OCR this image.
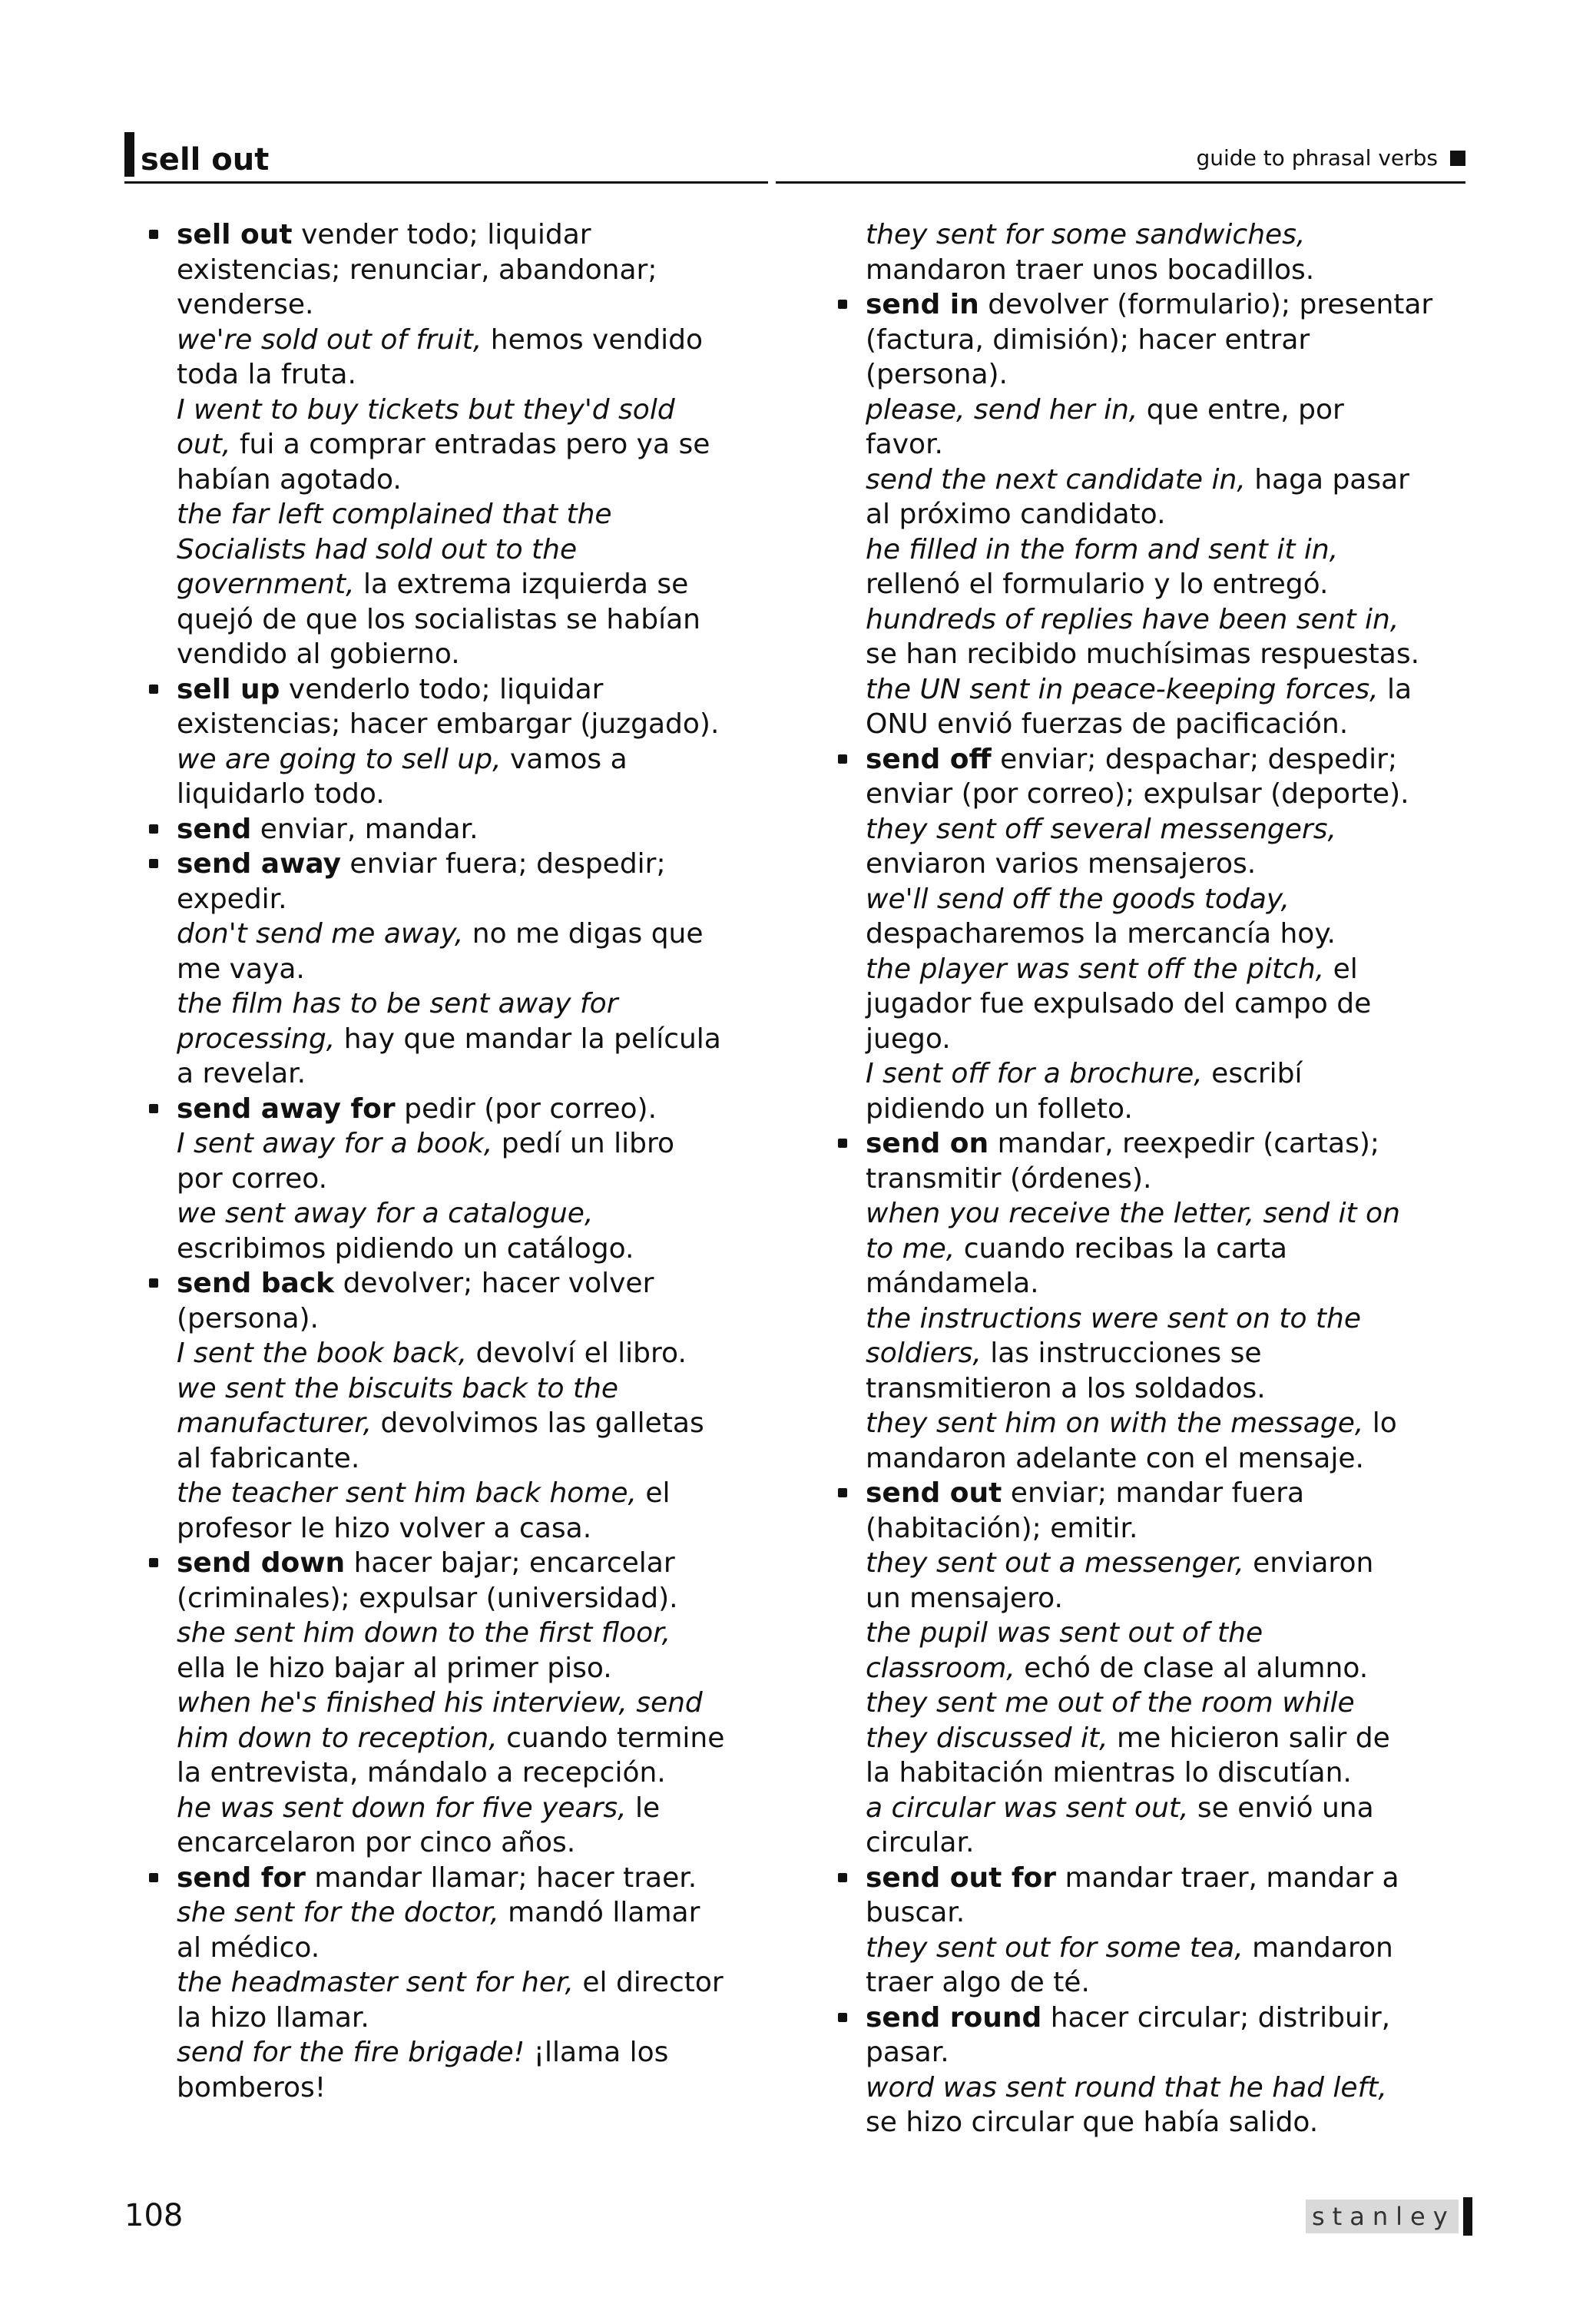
sell out	guide to phrasal verbs
sell out vender todo; liquidar
existencias; renunciar, abandonar;
venderse.
we're sold out of fruit, hemos vendido
toda la fruta.
I went to buy tickets but they'd sold
out, fui a comprar entradas pero ya se
habían agotado.
the far left complained that the
Socialists had sold out to the
government, la extrema izquierda se
quejó de que los socialistas se habían
vendido al gobierno.
sell up venderlo todo; liquidar
existencias; hacer embargar (juzgado).
we are going to sell up, vamos a
liquidarlo todo.
send enviar, mandar.
send away enviar fuera; despedir;
expedir.
don't send me away, no me digas que
me vaya.
the film has to be sent away for
processing, hay que mandar la película
a revelar.
send away for pedir (por correo).
I sent away for a book, pedí un libro
por correo.
we sent away for a catalogue,
escribimos pidiendo un catálogo.
send back devolver; hacer volver
(persona).
I sent the book back, devolví el libro.
we sent the biscuits back to the
manufacturer, devolvimos las galletas
al fabricante.
the teacher sent him back home, el
profesor le hizo volver a casa.
send down hacer bajar; encarcelar
(criminales); expulsar (universidad).
she sent him down to the first floor,
ella le hizo bajar al primer piso.
when he's finished his interview, send
him down to reception, cuando termine
la entrevista, mándalo a recepción.
he was sent down for five years, le
encarcelaron por cinco años.
send for mandar llamar; hacer traer.
she sent for the doctor, mandó llamar
al médico.
the headmaster sent for her, el director
la hizo llamar.
send for the fire brigade! ¡llama los
bomberos!
they sent for some sandwiches,
mandaron traer unos bocadillos.
send in devolver (formulario); presentar
(factura, dimisión); hacer entrar
(persona).
please, send her in, que entre, por
favor.
send the next candidate in, haga pasar
al próximo candidato.
he filled in the form and sent it in,
rellenó el formulario y lo entregó.
hundreds of replies have been sent in,
se han recibido muchísimas respuestas.
the UN sent in peace-keeping forces, la
ONU envió fuerzas de pacificación.
send off enviar; despachar; despedir;
enviar (por correo); expulsar (deporte).
they sent off several messengers,
enviaron varios mensajeros.
we'll send off the goods today,
despacharemos la mercancía hoy.
the player was sent off the pitch, el
jugador fue expulsado del campo de
juego.
I sent off for a brochure, escribí
pidiendo un folleto.
send on mandar, reexpedir (cartas);
transmitir (órdenes).
when you receive the letter, send it on
to me, cuando recibas la carta
mándamela.
the instructions were sent on to the
soldiers, las instrucciones se
transmitieron a los soldados.
they sent him on with the message, lo
mandaron adelante con el mensaje.
send out enviar; mandar fuera
(habitación); emitir.
they sent out a messenger, enviaron
un mensajero.
the pupil was sent out of the
classroom, echó de clase al alumno.
they sent me out of the room while
they discussed it, me hicieron salir de
la habitación mientras lo discutían.
a circular was sent out, se envió una
circular.
send out for mandar traer, mandar a
buscar.
they sent out for some tea, mandaron
traer algo de té.
send round hacer circular; distribuir,
pasar.
word was sent round that he had left,
se hizo circular que había salido.
108	stanley
